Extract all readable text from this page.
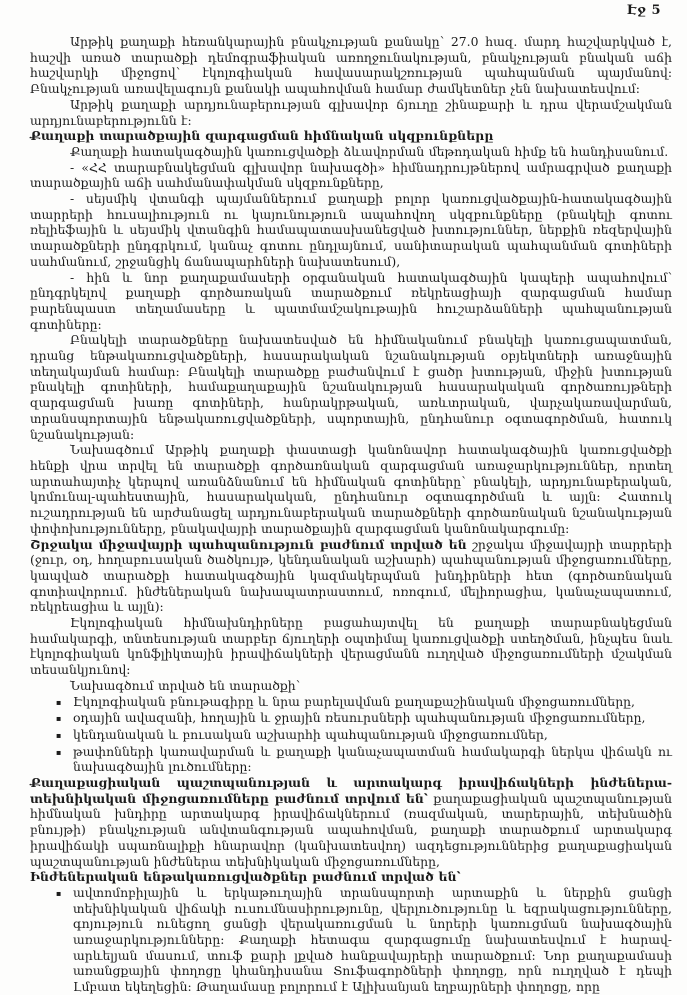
Էջ 5

Արթիկ քաղաքի հեռանկարային բնակչության քանակը՝ 27.0 հազ. մարդ հաշվարկված է, հաշվի առած տարածքի դեմոգրաֆիական առողջունակության, բնակչության բնական աճի հաշվարկի միջոցով՝ էկոլոգիական հավասարակշռության պահպանման պայմանով: Բնակչության առավելագույն քանակի ապահովման համար ժամկետներ չեն նախատեսվում:

Արթիկ քաղաքի արդյունաբերության գլխավոր ճյուղը շինաքարի և դրա վերամշակման արդյունաբերությունն է:

Քաղաքի տարածքային զարգացման հիմնական սկզբունքները

Քաղաքի հատակագծային կառուցվածքի ձևավորման մեթոդական հիմք են հանդիսանում.

- «ՀՀ տարաբնակեցման գլխավոր նախագծի» հիմնադրույթներով ամրագրված քաղաքի տարածքային աճի սահմանափակման սկզբունքները,

- սեյսմիկ վտանգի պայմաններում քաղաքի բոլոր կառուցվածքային-հատակագծային տարրերի հուսալիություն ու կայունություն ապահովող սկզբունքները (բնակելի գոտու ռելիեֆային և սեյսմիկ վտանգին համապատասխանեցված խտություններ, ներքին ռեզերվային տարածքների ընդգրկում, կանաչ գոտու ընդլայնում, սանիտարական պահպանման գոտիների սահմանում, շրջանցիկ ճանապարհների նախատեսում),

- հին և նոր քաղաքամասերի օրգանական հատակագծային կապերի ապահովում՝ ընդգրկելով քաղաքի գործառական տարածքում ռեկրեացիայի զարգացման համար բարենպաստ տեղամասերը և պատմամշակութային հուշարձանների պահպանության գոտիները:

Բնակելի տարածքները նախատեսված են հիմնականում բնակելի կառուցապատման, դրանց ենթակառուցվածքների, հասարակական նշանակության օբյեկտների առաջնային տեղակայման համար: Բնակելի տարածքը բաժանվում է ցածր խտության, միջին խտության բնակելի գոտիների, համաքաղաքային նշանակության հասարակական գործառույթների զարգացման խառը գոտիների, հանրակրթական, առևտրական, վարչակառավարման, տրանսպորտային ենթակառուցվածքների, սպորտային, ընդհանուր օգտագործման, հատուկ նշանակության:

Նախագծում Արթիկ քաղաքի փաստացի կանոնավոր հատակագծային կառուցվածքի հենքի վրա տրվել են տարածքի գործառնական զարգացման առաջարկություններ, որտեղ արտահայտիչ կերպով առանձնանում են հիմնական գոտիները՝ բնակելի, արդյունաբերական, կոմունալ-պահեստային, հասարակական, ընդհանուր օգտագործման և այլն: Հատուկ ուշադրության են արժանացել արդյունաբերական տարածքների գործառնական նշանակության փոփոխությունները, բնակավայրի տարածքային զարգացման կանոնակարգումը:

Շրջակա միջավայրի պահպանություն բաժնում տրված են շրջակա միջավայրի տարրերի (ջուր, օդ, հողաբուսական ծածկույթ, կենդանական աշխարհ) պահպանության միջոցառումները, կապված տարածքի հատակագծային կազմակերպման խնդիրների հետ (գործառնական գոտիավորում. ինժեներական նախապատրաստում, ոռոգում, մելիորացիա, կանաչապատում, ռեկրեացիա և այլն):

Էկոլոգիական հիմնախնդիրները բացահայտվել են քաղաքի տարաբնակեցման համակարգի, տնտեսության տարբեր ճյուղերի օպտիմալ կառուցվածքի ստեղծման, ինչպես նաև էկոլոգիական կոնֆլիկտային իրավիճակների վերացմանն ուղղված միջոցառումների մշակման տեսանկյունով:

Նախագծում տրված են տարածքի՝

▪ Էկոլոգիական բնութագիրը և նրա բարելավման քաղաքաշինական միջոցառումները,
▪ օդային ավազանի, հողային և ջրային ռեսուրսների պահպանության միջոցառումները,
▪ կենդանական և բուսական աշխարհի պահպանության միջոցառումներ,
▪ թափոնների կառավարման և քաղաքի կանաչապատման համակարգի ներկա վիճակն ու նախագծային լուծումները:

Քաղաքացիական պաշտպանության և արտակարգ իրավիճակների ինժեներա-տեխնիկական միջոցառումները բաժնում տրվում են՝ քաղաքացիական պաշտպանության հիմնական խնդիրը արտակարգ իրավիճակներում (ռազմական, տարերային, տեխնածին բնույթի) բնակչության անվտանգության ապահովման, քաղաքի տարածքում արտակարգ իրավիճակի սպառնալիքի հնարավոր (կանխատեսվող) ազդեցություններից քաղաքացիական պաշտպանության ինժեներա տեխնիկական միջոցառումները,

Ինժեներական ենթակառուցվածքներ բաժնում տրված են՝

▪ ավտոմոբիլային և երկաթուղային տրանսպորտի արտաքին և ներքին ցանցի տեխնիկական վիճակի ուսումնասիրությունը, վերլուծությունը և եզրակացությունները, գոյություն ունեցող ցանցի վերակառուցման և նորերի կառուցման նախագծային առաջարկությունները: Քաղաքի հետագա զարգացումը նախատեսվում է հարավ-արևելյան մասում, տուֆ քարի լքված հանքավայրերի տարածքում: Նոր քաղաքամասի առանցքային փողոցը կհանդիսանա Տուֆագործների փողոցը, որն ուղղված է դեպի Լմբատ եկեղեցին: Թաղամասը բոլորում է Ալիխանյան եղբայրների փողոցը, որը
